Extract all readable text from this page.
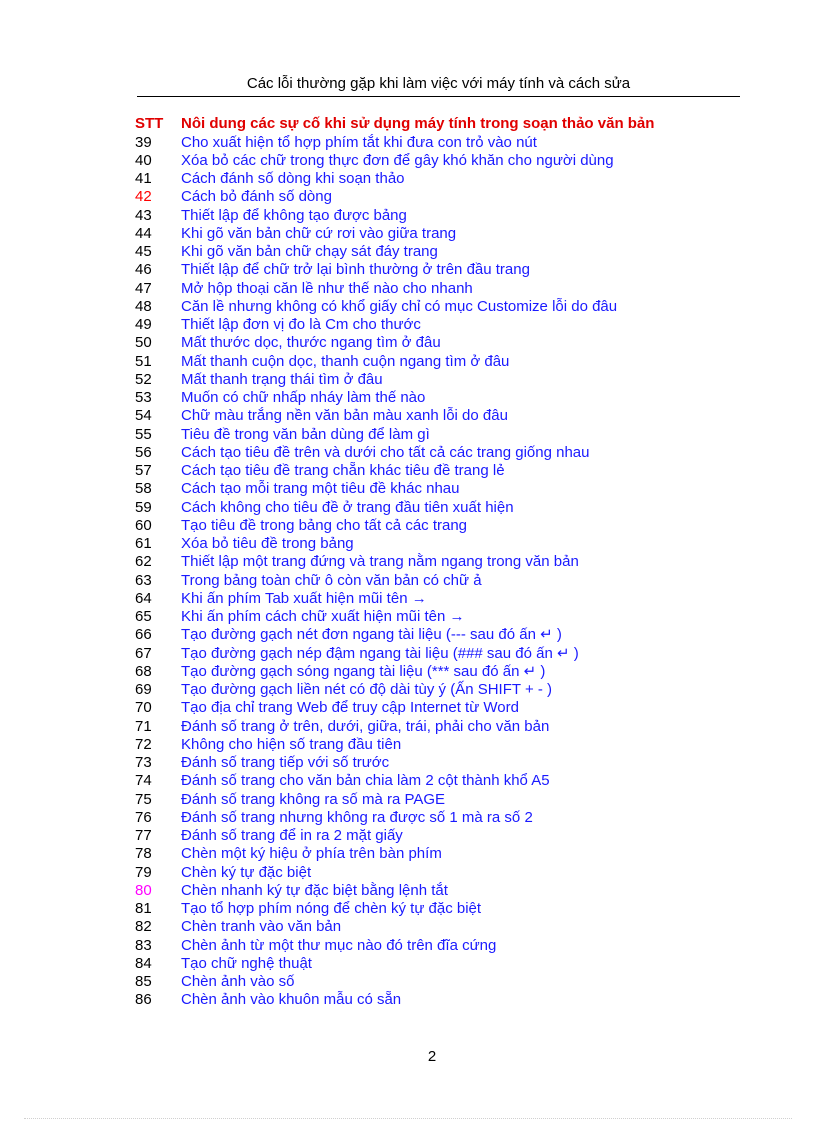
Các lỗi thường gặp khi làm việc với máy tính và cách sửa
STT Nôi dung các sự cố khi sử dụng máy tính trong soạn thảo văn bản
39 Cho xuất hiện tổ hợp phím tắt khi đưa con trỏ vào nút
40 Xóa bỏ các chữ trong thực đơn để gây khó khăn cho người dùng
41 Cách đánh số dòng khi soạn thảo
42 Cách bỏ đánh số dòng
43 Thiết lập để không tạo được bảng
44 Khi gõ văn bản chữ cứ rơi vào giữa trang
45 Khi gõ văn bản chữ chạy sát đáy trang
46 Thiết lập để chữ trở lại bình thường ở trên đầu trang
47 Mở hộp thoại căn lề như thế nào cho nhanh
48 Căn lề nhưng không có khổ giấy chỉ có mục Customize lỗi do đâu
49 Thiết lập đơn vị đo là Cm cho thước
50 Mất thước dọc, thước ngang tìm ở đâu
51 Mất thanh cuộn dọc, thanh cuộn ngang tìm ở đâu
52 Mất thanh trạng thái tìm ở đâu
53 Muốn có chữ nhấp nháy làm thế nào
54 Chữ màu trắng nền văn bản màu xanh lỗi do đâu
55 Tiêu đề trong văn bản dùng để làm gì
56 Cách tạo tiêu đề trên và dưới cho tất cả các trang giống nhau
57 Cách tạo tiêu đề trang chẵn khác tiêu đề trang lẻ
58 Cách tạo mỗi trang một tiêu đề khác nhau
59 Cách không cho tiêu đề ở trang đầu tiên xuất hiện
60 Tạo tiêu đề trong bảng cho tất cả các trang
61 Xóa bỏ tiêu đề trong bảng
62 Thiết lập một trang đứng và trang nằm ngang trong văn bản
63 Trong bảng toàn chữ ô còn văn bản có chữ ả
64 Khi ấn phím Tab xuất hiện mũi tên →
65 Khi ấn phím cách chữ xuất hiện mũi tên →
66 Tạo đường gạch nét đơn ngang tài liệu (--- sau đó ấn ↵ )
67 Tạo đường gạch nép đậm ngang tài liệu (### sau đó ấn ↵ )
68 Tạo đường gạch sóng ngang tài liệu (*** sau đó ấn ↵ )
69 Tạo đường gạch liền nét có độ dài tùy ý (Ấn SHIFT + - )
70 Tạo địa chỉ trang Web để truy cập Internet từ Word
71 Đánh số trang ở trên, dưới, giữa, trái, phải cho văn bản
72 Không cho hiện số trang đầu tiên
73 Đánh số trang tiếp với số trước
74 Đánh số trang cho văn bản chia làm 2 cột thành khổ A5
75 Đánh số trang không ra số mà ra PAGE
76 Đánh số trang nhưng không ra được số 1 mà ra số 2
77 Đánh số trang để in ra 2 mặt giấy
78 Chèn một ký hiệu ở phía trên bàn phím
79 Chèn ký tự đặc biệt
80 Chèn nhanh ký tự đặc biệt bằng lệnh tắt
81 Tạo tổ hợp phím nóng để chèn ký tự đặc biệt
82 Chèn tranh vào văn bản
83 Chèn ảnh từ một thư mục nào đó trên đĩa cứng
84 Tạo chữ nghệ thuật
85 Chèn ảnh vào số
86 Chèn ảnh vào khuôn mẫu có sẵn
2
